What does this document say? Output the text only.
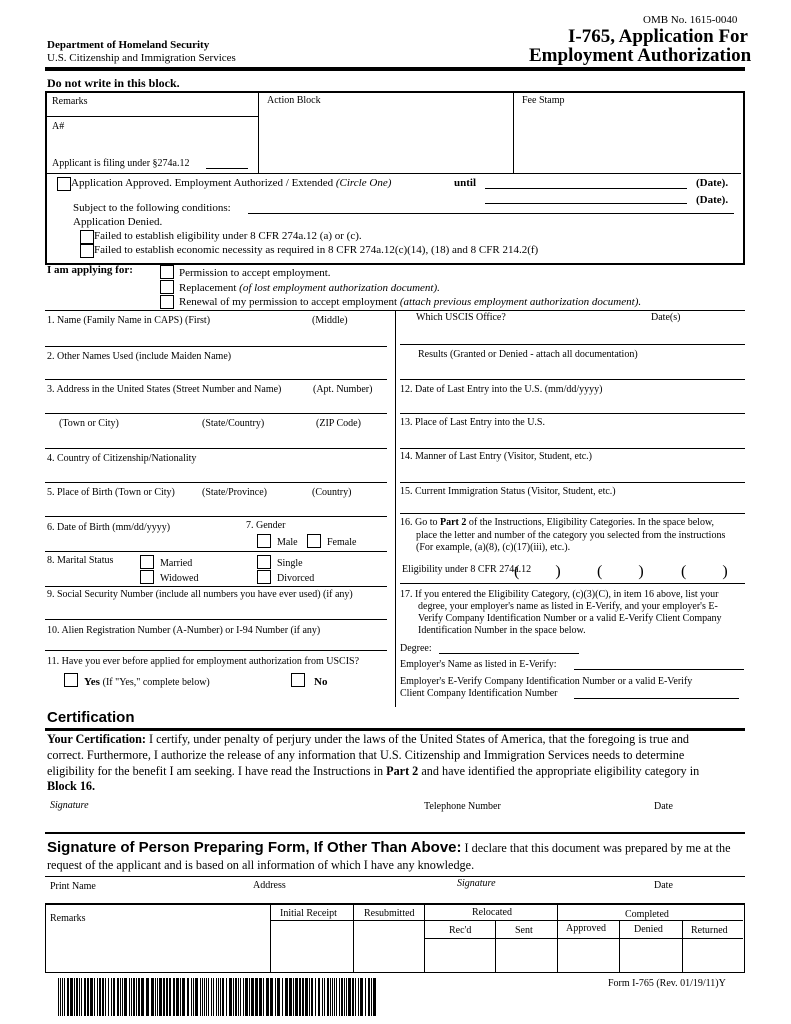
OMB No. 1615-0040
I-765, Application For
Employment Authorization
Department of Homeland Security
U.S. Citizenship and Immigration Services
Do not write in this block.
Remarks	Action Block	Fee Stamp
A#
Applicant is filing under §274a.12
Application Approved. Employment Authorized / Extended (Circle One)	until	(Date).
(Date).
Subject to the following conditions:
Application Denied.
Failed to establish eligibility under 8 CFR 274a.12 (a) or (c).
Failed to establish economic necessity as required in 8 CFR 274a.12(c)(14), (18) and 8 CFR 214.2(f)
I am applying for:	Permission to accept employment.
Replacement (of lost employment authorization document).
Renewal of my permission to accept employment (attach previous employment authorization document).
1. Name (Family Name in CAPS) (First)	(Middle)
2. Other Names Used (include Maiden Name)
3. Address in the United States (Street Number and Name)	(Apt. Number)
(Town or City)	(State/Country)	(ZIP Code)
4. Country of Citizenship/Nationality
5. Place of Birth (Town or City)	(State/Province)	(Country)
6. Date of Birth (mm/dd/yyyy)	7. Gender
Male	Female
8. Marital Status	Married	Single
Widowed	Divorced
9. Social Security Number (include all numbers you have ever used) (if any)
10. Alien Registration Number (A-Number) or I-94 Number (if any)
11. Have you ever before applied for employment authorization from USCIS?
Yes (If "Yes," complete below)	No
Which USCIS Office?	Date(s)
Results (Granted or Denied - attach all documentation)
12. Date of Last Entry into the U.S. (mm/dd/yyyy)
13. Place of Last Entry into the U.S.
14. Manner of Last Entry (Visitor, Student, etc.)
15. Current Immigration Status (Visitor, Student, etc.)
16. Go to Part 2 of the Instructions, Eligibility Categories. In the space below,
place the letter and number of the category you selected from the instructions
(For example, (a)(8), (c)(17)(iii), etc.).
Eligibility under 8 CFR 274a.12
(         ) (         ) (         )
17. If you entered the Eligibility Category, (c)(3)(C), in item 16 above, list your
degree, your employer's name as listed in E-Verify, and your employer's E-
Verify Company Identification Number or a valid E-Verify Client Company
Identification Number in the space below.
Degree:
Employer's Name as listed in E-Verify:
Employer's E-Verify Company Identification Number or a valid E-Verify
Client Company Identification Number
Certification
Your Certification: I certify, under penalty of perjury under the laws of the United States of America, that the foregoing is true and
correct. Furthermore, I authorize the release of any information that U.S. Citizenship and Immigration Services needs to determine
eligibility for the benefit I am seeking. I have read the Instructions in Part 2 and have identified the appropriate eligibility category in
Block 16.
Signature	Telephone Number	Date
Signature of Person Preparing Form, If Other Than Above: I declare that this document was prepared by me at the
request of the applicant and is based on all information of which I have any knowledge.
Print Name	Address	Signature	Date
Remarks	Initial Receipt	Resubmitted	Relocated	Completed
Rec'd	Sent	Approved	Denied	Returned
Form I-765 (Rev. 01/19/11)Y
